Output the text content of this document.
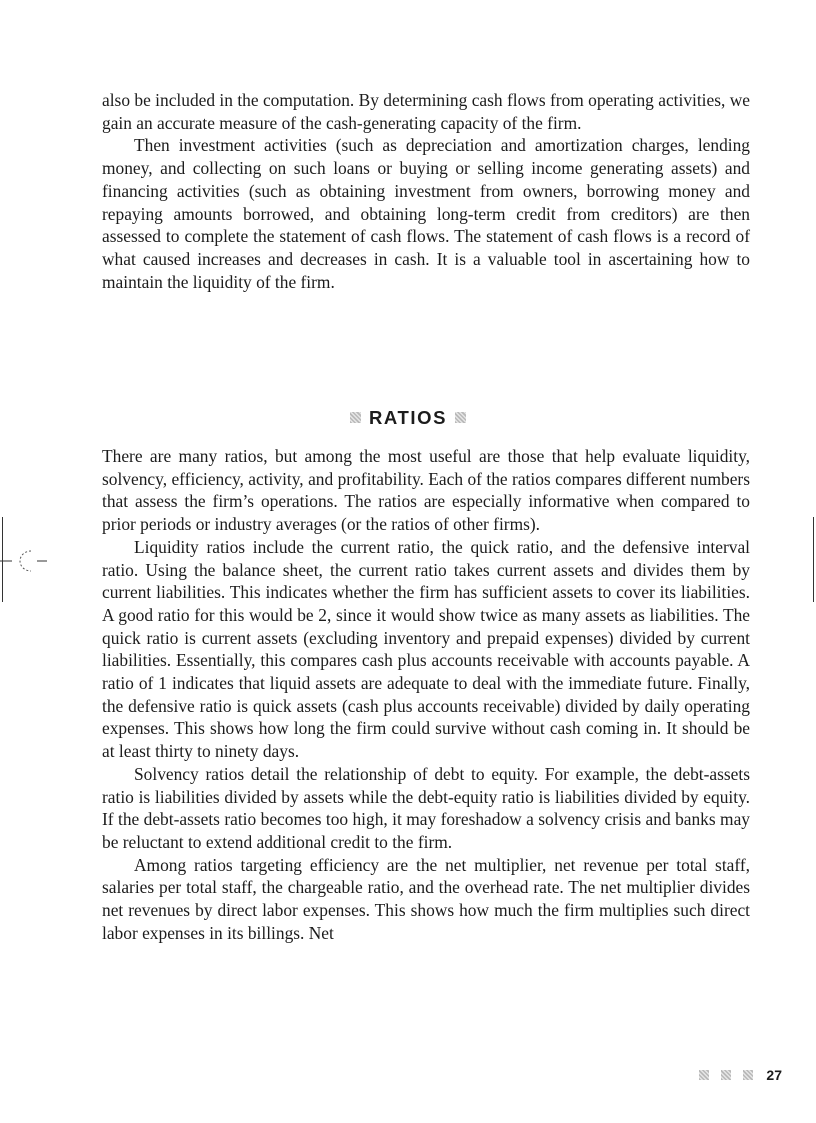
also be included in the computation. By determining cash flows from operating activities, we gain an accurate measure of the cash-generating capacity of the firm.

Then investment activities (such as depreciation and amortization charges, lending money, and collecting on such loans or buying or selling income generating assets) and financing activities (such as obtaining investment from owners, borrowing money and repaying amounts borrowed, and obtaining long-term credit from creditors) are then assessed to complete the statement of cash flows. The statement of cash flows is a record of what caused increases and decreases in cash. It is a valuable tool in ascertaining how to maintain the liquidity of the firm.

RATIOS

There are many ratios, but among the most useful are those that help evaluate liquidity, solvency, efficiency, activity, and profitability. Each of the ratios compares different numbers that assess the firm’s operations. The ratios are especially informative when compared to prior periods or industry averages (or the ratios of other firms).

Liquidity ratios include the current ratio, the quick ratio, and the defensive interval ratio. Using the balance sheet, the current ratio takes current assets and divides them by current liabilities. This indicates whether the firm has sufficient assets to cover its liabilities. A good ratio for this would be 2, since it would show twice as many assets as liabilities. The quick ratio is current assets (excluding inventory and prepaid expenses) divided by current liabilities. Essentially, this compares cash plus accounts receivable with accounts payable. A ratio of 1 indicates that liquid assets are adequate to deal with the immediate future. Finally, the defensive ratio is quick assets (cash plus accounts receivable) divided by daily operating expenses. This shows how long the firm could survive without cash coming in. It should be at least thirty to ninety days.

Solvency ratios detail the relationship of debt to equity. For example, the debt-assets ratio is liabilities divided by assets while the debt-equity ratio is liabilities divided by equity. If the debt-assets ratio becomes too high, it may foreshadow a solvency crisis and banks may be reluctant to extend additional credit to the firm.

Among ratios targeting efficiency are the net multiplier, net revenue per total staff, salaries per total staff, the chargeable ratio, and the overhead rate. The net multiplier divides net revenues by direct labor expenses. This shows how much the firm multiplies such direct labor expenses in its billings. Net

27
